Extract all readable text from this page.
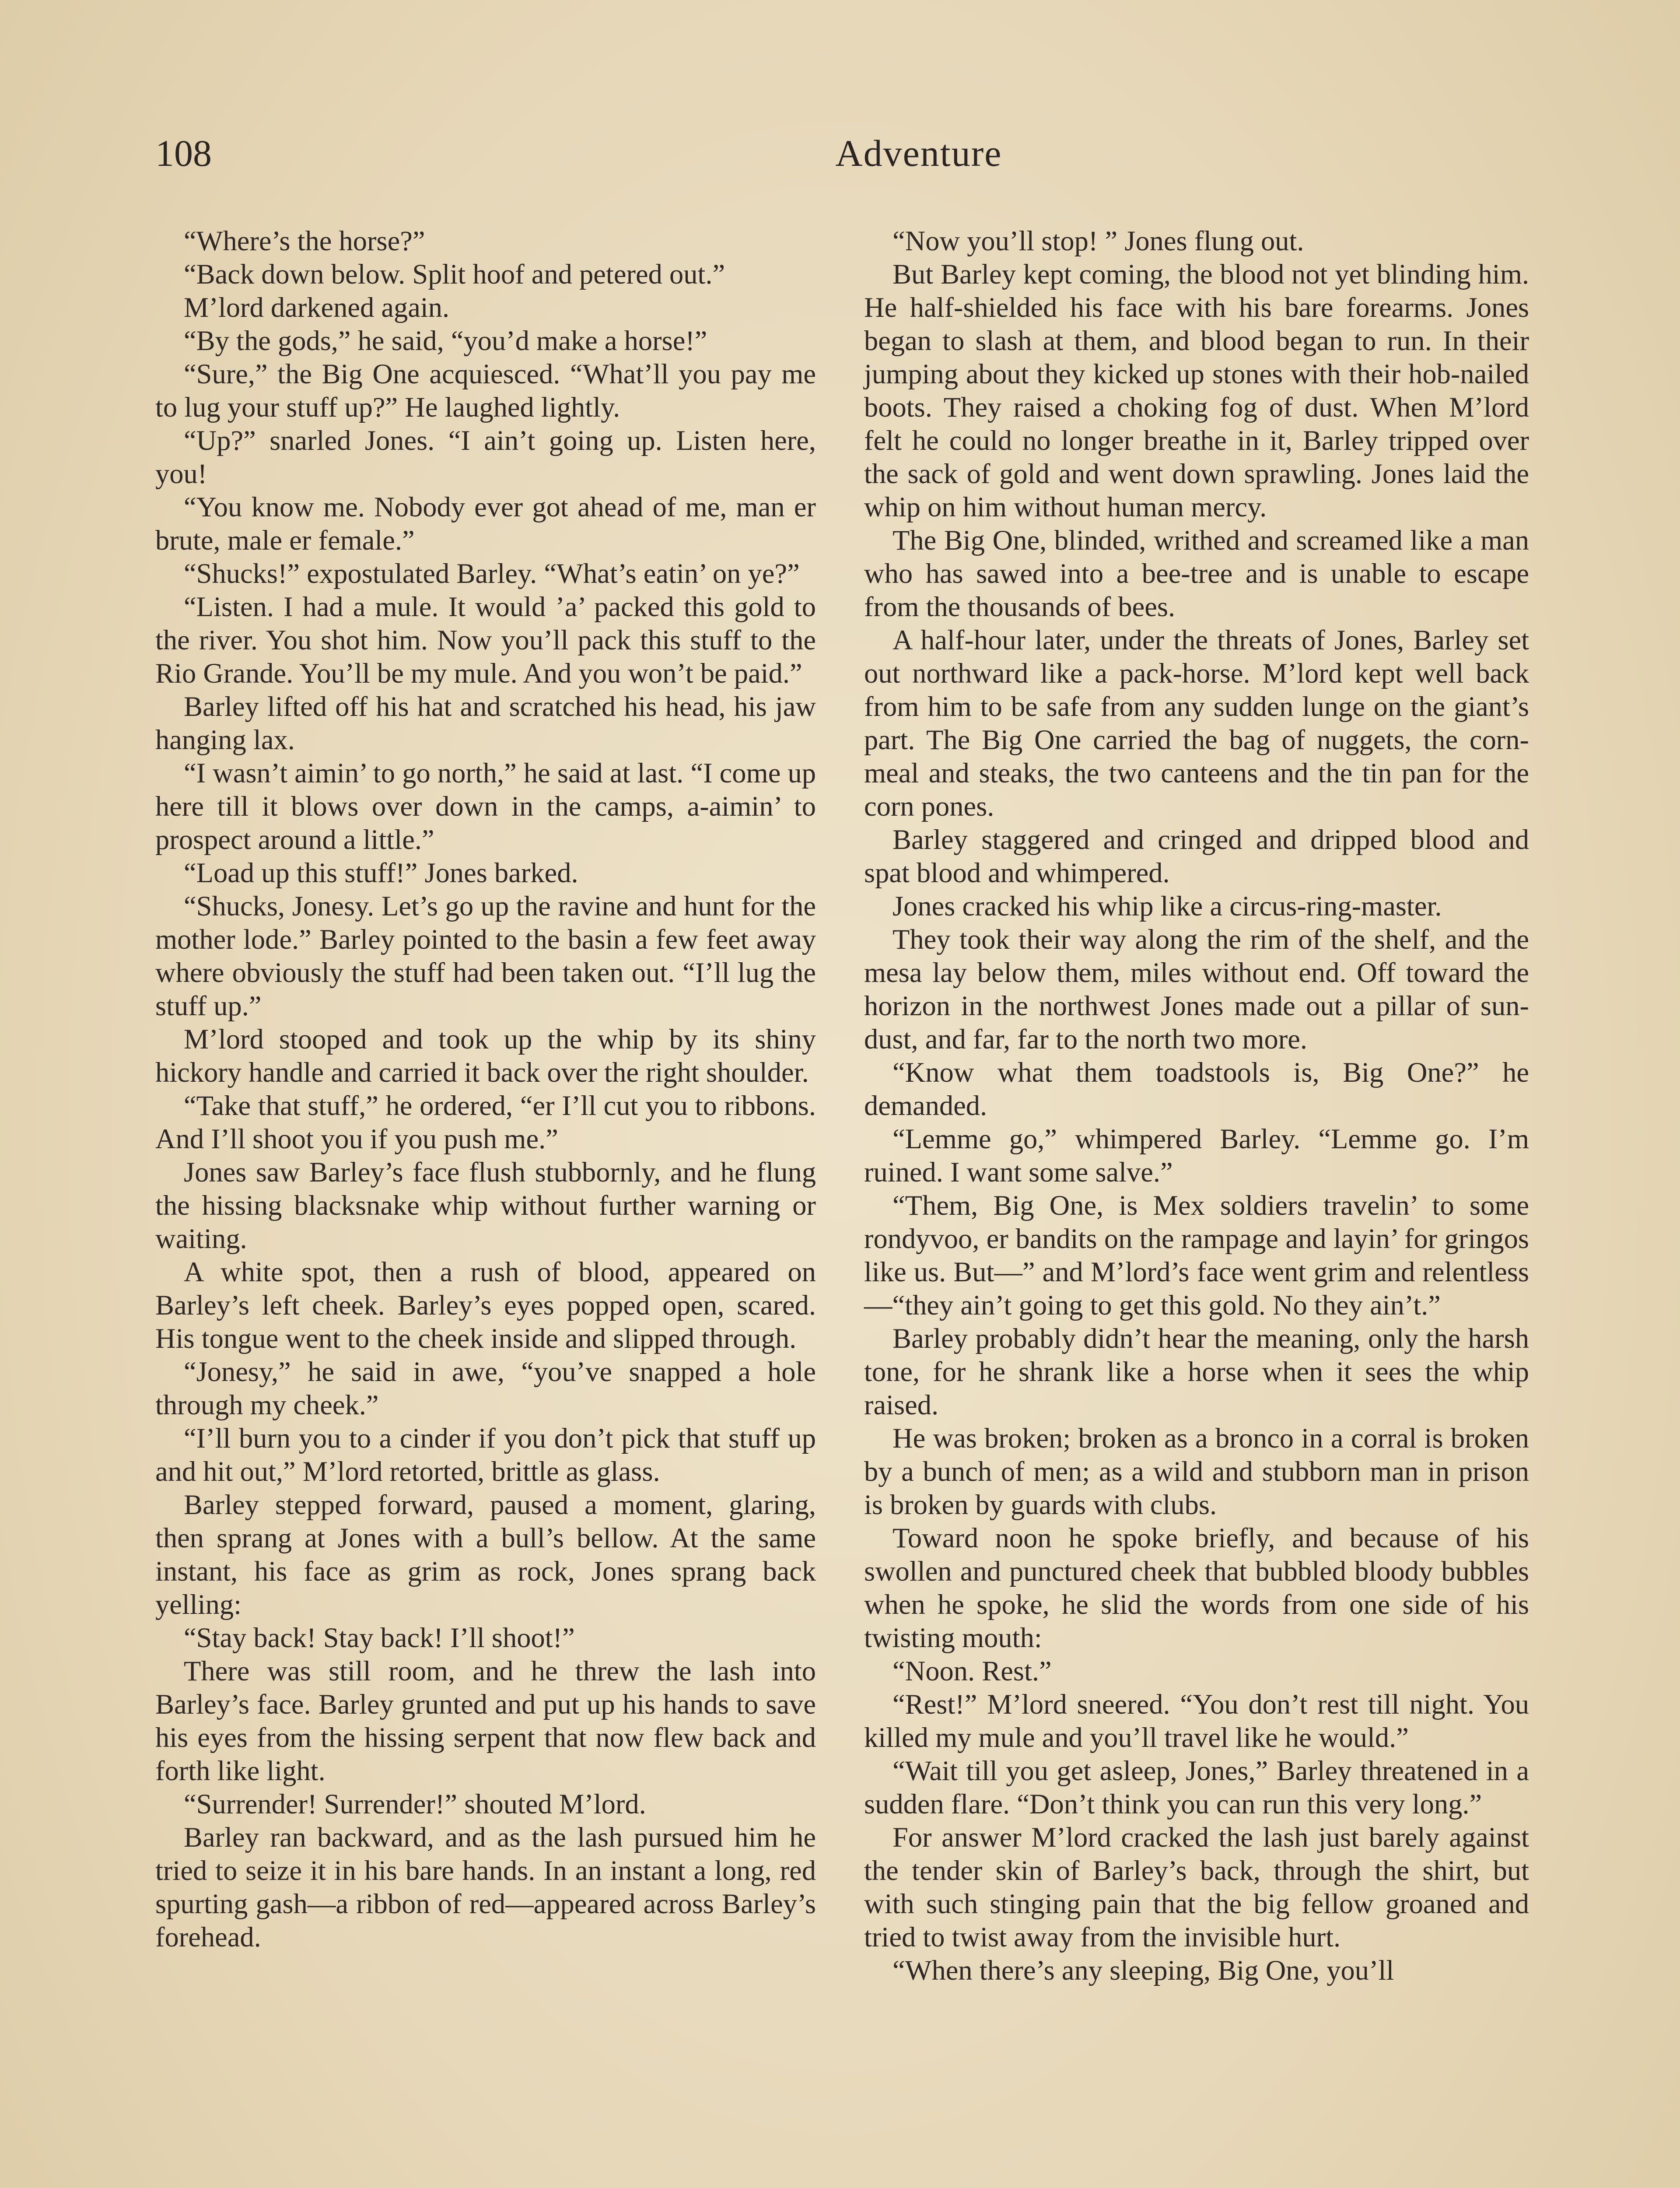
108	Adventure

“Where’s the horse?”

“Back down below. Split hoof and petered out.”

M’lord darkened again.

“By the gods,” he said, “you’d make a horse!”

“Sure,” the Big One acquiesced. “What’ll you pay me to lug your stuff up?” He laughed lightly.

“Up?” snarled Jones. “I ain’t going up. Listen here, you!

“You know me. Nobody ever got ahead of me, man er brute, male er female.”

“Shucks!” expostulated Barley. “What’s eatin’ on ye?”

“Listen. I had a mule. It would ’a’ packed this gold to the river. You shot him. Now you’ll pack this stuff to the Rio Grande. You’ll be my mule. And you won’t be paid.”

Barley lifted off his hat and scratched his head, his jaw hanging lax.

“I wasn’t aimin’ to go north,” he said at last. “I come up here till it blows over down in the camps, a-aimin’ to prospect around a little.”

“Load up this stuff!” Jones barked.

“Shucks, Jonesy. Let’s go up the ravine and hunt for the mother lode.” Barley pointed to the basin a few feet away where obviously the stuff had been taken out. “I’ll lug the stuff up.”

M’lord stooped and took up the whip by its shiny hickory handle and carried it back over the right shoulder.

“Take that stuff,” he ordered, “er I’ll cut you to ribbons. And I’ll shoot you if you push me.”

Jones saw Barley’s face flush stubbornly, and he flung the hissing blacksnake whip without further warning or waiting.

A white spot, then a rush of blood, appeared on Barley’s left cheek. Barley’s eyes popped open, scared. His tongue went to the cheek inside and slipped through.

“Jonesy,” he said in awe, “you’ve snapped a hole through my cheek.”

“I’ll burn you to a cinder if you don’t pick that stuff up and hit out,” M’lord retorted, brittle as glass.

Barley stepped forward, paused a moment, glaring, then sprang at Jones with a bull’s bellow. At the same instant, his face as grim as rock, Jones sprang back yelling:

“Stay back! Stay back! I’ll shoot!”

There was still room, and he threw the lash into Barley’s face. Barley grunted and put up his hands to save his eyes from the hissing serpent that now flew back and forth like light.

“Surrender! Surrender!” shouted M’lord.

Barley ran backward, and as the lash pursued him he tried to seize it in his bare hands. In an instant a long, red spurting gash—a ribbon of red—appeared across Barley’s forehead.

“Now you’ll stop! ” Jones flung out.

But Barley kept coming, the blood not yet blinding him. He half-shielded his face with his bare forearms. Jones began to slash at them, and blood began to run. In their jumping about they kicked up stones with their hob-nailed boots. They raised a choking fog of dust. When M’lord felt he could no longer breathe in it, Barley tripped over the sack of gold and went down sprawling. Jones laid the whip on him without human mercy.

The Big One, blinded, writhed and screamed like a man who has sawed into a bee-tree and is unable to escape from the thousands of bees.

A half-hour later, under the threats of Jones, Barley set out northward like a pack-horse. M’lord kept well back from him to be safe from any sudden lunge on the giant’s part. The Big One carried the bag of nuggets, the corn-meal and steaks, the two canteens and the tin pan for the corn pones.

Barley staggered and cringed and dripped blood and spat blood and whimpered.

Jones cracked his whip like a circus-ring-master.

They took their way along the rim of the shelf, and the mesa lay below them, miles without end. Off toward the horizon in the northwest Jones made out a pillar of sun-dust, and far, far to the north two more.

“Know what them toadstools is, Big One?” he demanded.

“Lemme go,” whimpered Barley. “Lemme go. I’m ruined. I want some salve.”

“Them, Big One, is Mex soldiers travelin’ to some rondyvoo, er bandits on the rampage and layin’ for gringos like us. But—” and M’lord’s face went grim and relentless—“they ain’t going to get this gold. No they ain’t.”

Barley probably didn’t hear the meaning, only the harsh tone, for he shrank like a horse when it sees the whip raised.

He was broken; broken as a bronco in a corral is broken by a bunch of men; as a wild and stubborn man in prison is broken by guards with clubs.

Toward noon he spoke briefly, and because of his swollen and punctured cheek that bubbled bloody bubbles when he spoke, he slid the words from one side of his twisting mouth:

“Noon. Rest.”

“Rest!” M’lord sneered. “You don’t rest till night. You killed my mule and you’ll travel like he would.”

“Wait till you get asleep, Jones,” Barley threatened in a sudden flare. “Don’t think you can run this very long.”

For answer M’lord cracked the lash just barely against the tender skin of Barley’s back, through the shirt, but with such stinging pain that the big fellow groaned and tried to twist away from the invisible hurt.

“When there’s any sleeping, Big One, you’ll
